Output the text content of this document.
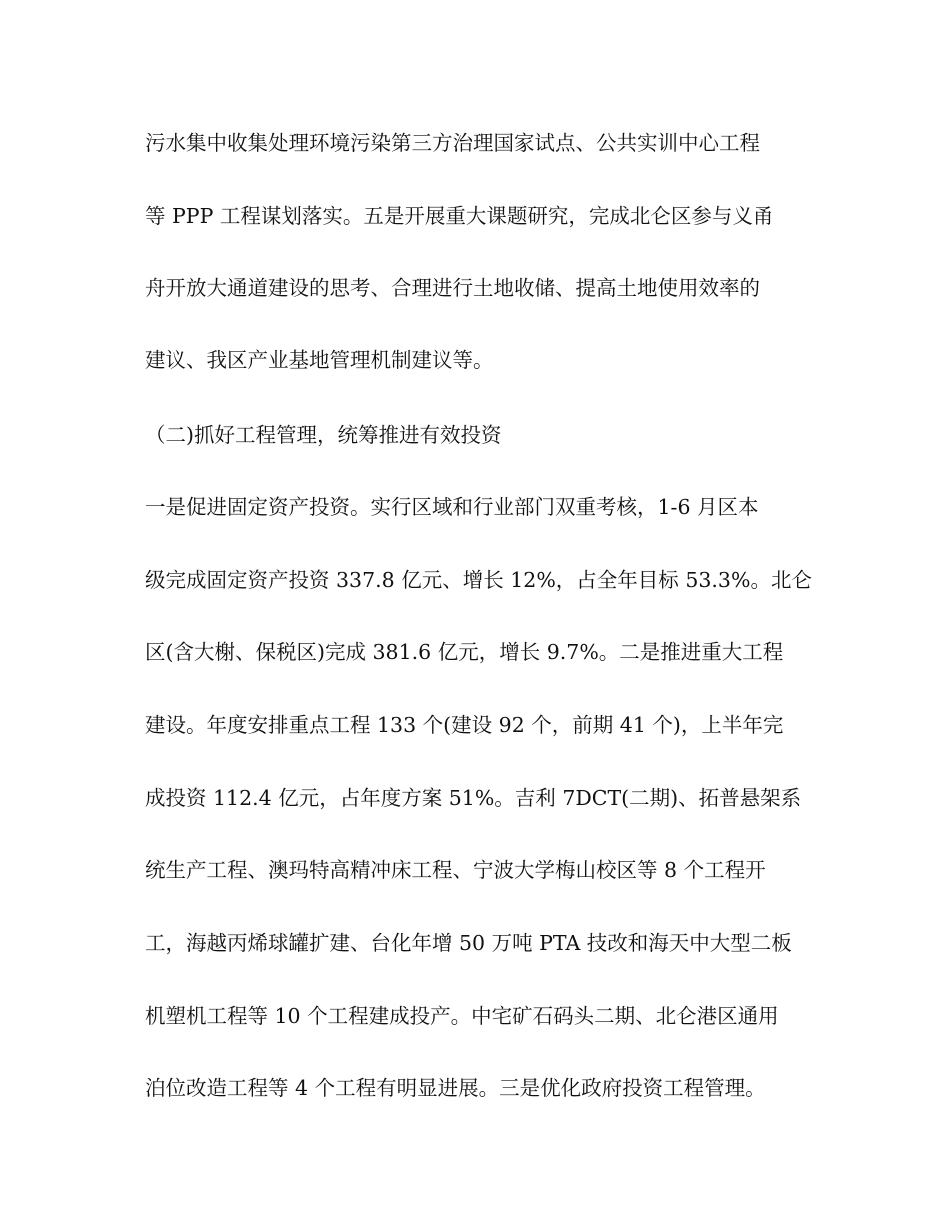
污水集中收集处理环境污染第三方治理国家试点、公共实训中心工程
等 PPP 工程谋划落实。五是开展重大课题研究，完成北仑区参与义甬
舟开放大通道建设的思考、合理进行土地收储、提高土地使用效率的
建议、我区产业基地管理机制建议等。
（二)抓好工程管理，统筹推进有效投资
一是促进固定资产投资。实行区域和行业部门双重考核，1-6 月区本
级完成固定资产投资 337.8 亿元、增长 12%，占全年目标 53.3%。北仑
区(含大榭、保税区)完成 381.6 亿元，增长 9.7%。二是推进重大工程
建设。年度安排重点工程 133 个(建设 92 个，前期 41 个)，上半年完
成投资 112.4 亿元，占年度方案 51%。吉利 7DCT(二期)、拓普悬架系
统生产工程、澳玛特高精冲床工程、宁波大学梅山校区等 8 个工程开
工，海越丙烯球罐扩建、台化年增 50 万吨 PTA 技改和海天中大型二板
机塑机工程等 10 个工程建成投产。中宅矿石码头二期、北仑港区通用
泊位改造工程等 4 个工程有明显进展。三是优化政府投资工程管理。
